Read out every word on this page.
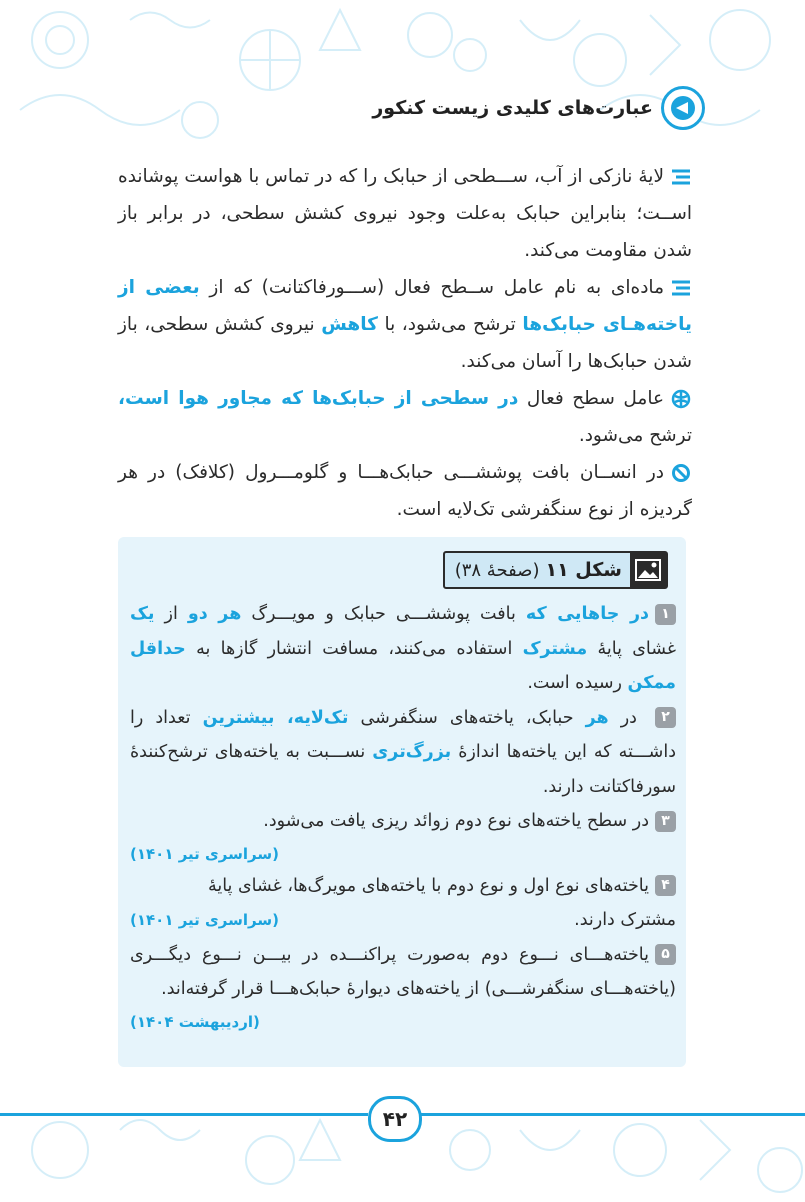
عبارت‌های کلیدی زیست کنکور

لایهٔ نازکی از آب، ســـطحی از حبابک را که در تماس با هواست پوشانده اســت؛ بنابراین حبابک به‌علت وجود نیروی کشش سطحی، در برابر باز شدن مقاومت می‌کند.

ماده‌ای به نام عامل ســطح فعال (ســـورفاکتانت) که از بعضی از یاخته‌هـای حبابک‌ها ترشح می‌شود، با کاهش نیروی کشش سطحی، باز شدن حبابک‌ها را آسان می‌کند.

عامل سطح فعال در سطحی از حبابک‌ها که مجاور هوا است، ترشح می‌شود.

در انســان بافت پوششـــی حبابک‌هـــا و گلومـــرول (کلافک) در هر گردیزه از نوع سنگفرشی تک‌لایه است.

شکل ۱۱
(صفحهٔ ۳۸)

۱در جاهایی که بافت پوششـــی حبابک و مویـــرگ هر دو از یک غشای پایهٔ مشترک استفاده می‌کنند، مسافت انتشار گازها به حداقل ممکن رسیده است.

۲ در هر حبابک، یاخته‌های سنگفرشی تک‌لایه، بیشترین تعداد را داشـــته که این یاخته‌ها اندازهٔ بزرگ‌تری نســـبت به یاخته‌های ترشح‌کنندهٔ سورفاکتانت دارند.

۳در سطح یاخته‌های نوع دوم زوائد ریزی یافت می‌شود.

(سراسری تیر ۱۴۰۱)

۴یاخته‌های نوع اول و نوع دوم با یاخته‌های مویرگ‌ها، غشای پایهٔ

مشترک دارند.
(سراسری تیر ۱۴۰۱)

۵یاخته‌هـــای نـــوع دوم به‌صورت پراکنـــده در بیـــن نـــوع دیگـــری (یاخته‌هـــای سنگفرشـــی) از یاخته‌های دیوارهٔ حبابک‌هـــا قرار گرفته‌اند.

(اردیبهشت ۱۴۰۴)
۴۲
